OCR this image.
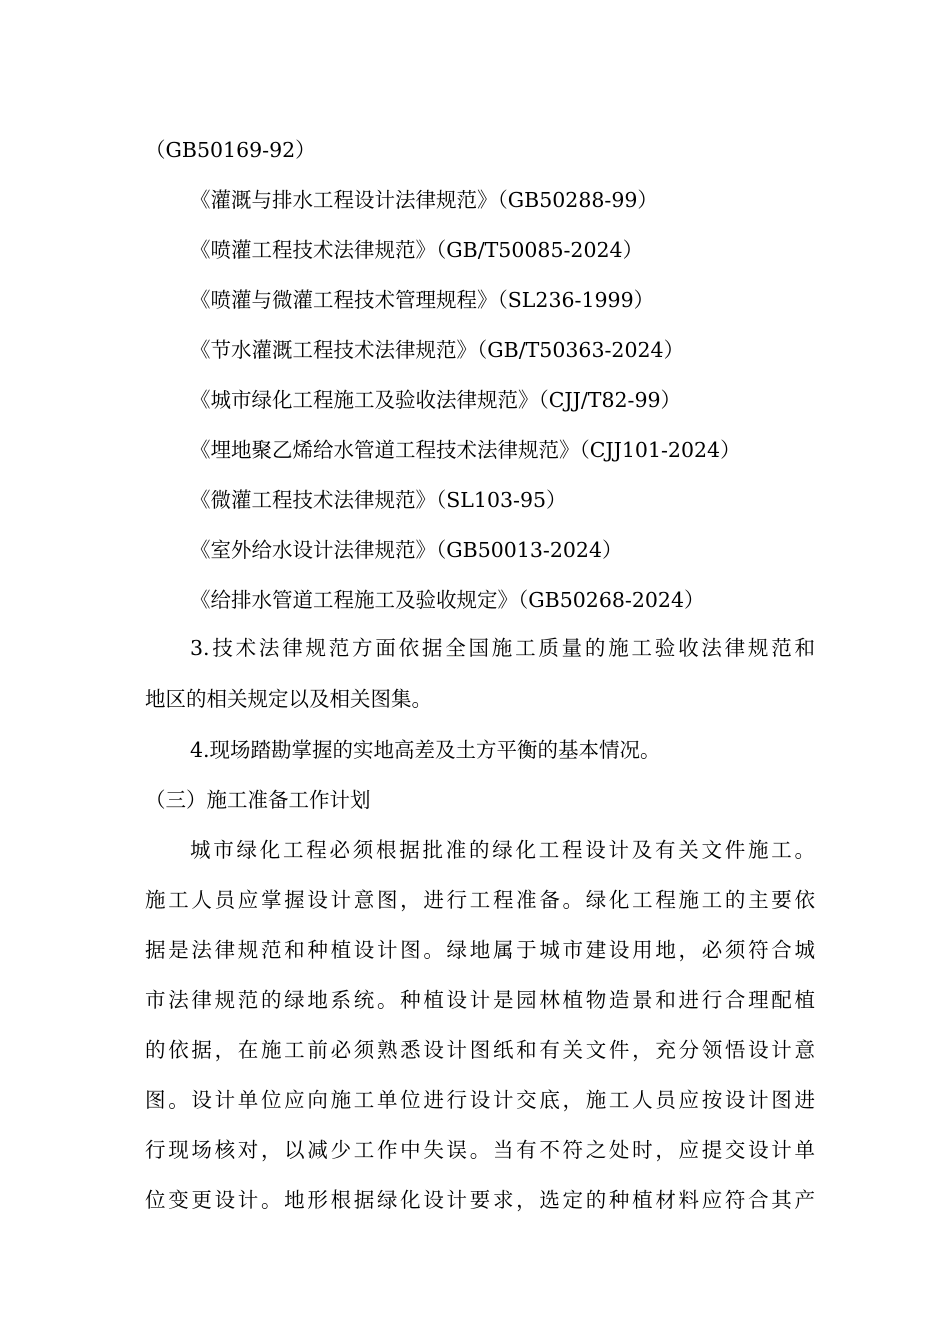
（GB50169-92）
《灌溉与排水工程设计法律规范》（GB50288-99）
《喷灌工程技术法律规范》（GB/T50085-2024）
《喷灌与微灌工程技术管理规程》（SL236-1999）
《节水灌溉工程技术法律规范》（GB/T50363-2024）
《城市绿化工程施工及验收法律规范》（CJJ/T82-99）
《埋地聚乙烯给水管道工程技术法律规范》（CJJ101-2024）
《微灌工程技术法律规范》（SL103-95）
《室外给水设计法律规范》（GB50013-2024）
《给排水管道工程施工及验收规定》（GB50268-2024）
3.技术法律规范方面依据全国施工质量的施工验收法律规范和
地区的相关规定以及相关图集。
4.现场踏勘掌握的实地高差及土方平衡的基本情况。
（三）施工准备工作计划
城市绿化工程必须根据批准的绿化工程设计及有关文件施工。
施工人员应掌握设计意图，进行工程准备。绿化工程施工的主要依
据是法律规范和种植设计图。绿地属于城市建设用地，必须符合城
市法律规范的绿地系统。种植设计是园林植物造景和进行合理配植
的依据，在施工前必须熟悉设计图纸和有关文件，充分领悟设计意
图。设计单位应向施工单位进行设计交底，施工人员应按设计图进
行现场核对，以减少工作中失误。当有不符之处时，应提交设计单
位变更设计。地形根据绿化设计要求，选定的种植材料应符合其产
